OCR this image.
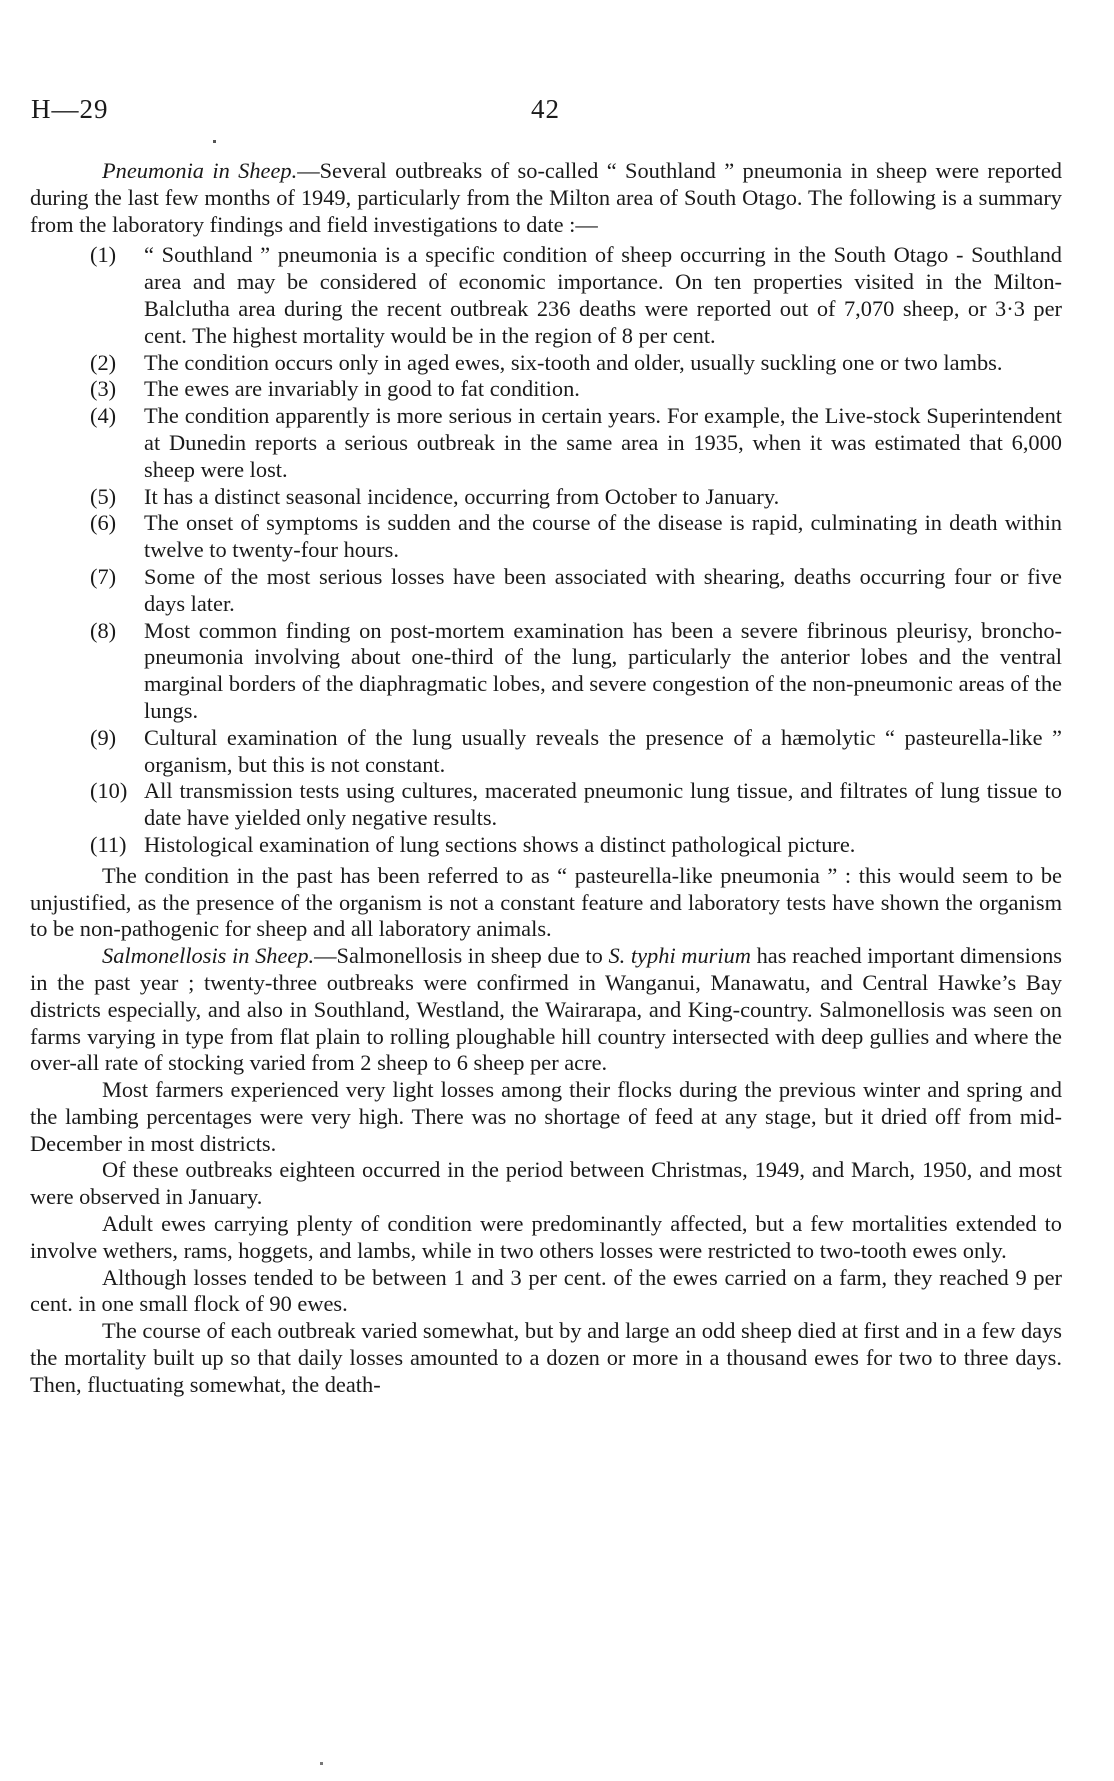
H—29	42

Pneumonia in Sheep.—Several outbreaks of so-called “ Southland ” pneumonia in sheep were reported during the last few months of 1949, particularly from the Milton area of South Otago. The following is a summary from the laboratory findings and field investigations to date :—

(1)	“ Southland ” pneumonia is a specific condition of sheep occurring in the South Otago - Southland area and may be considered of economic importance. On ten properties visited in the Milton-Balclutha area during the recent outbreak 236 deaths were reported out of 7,070 sheep, or 3·3 per cent. The highest mortality would be in the region of 8 per cent.
(2)	The condition occurs only in aged ewes, six-tooth and older, usually suckling one or two lambs.
(3)	The ewes are invariably in good to fat condition.
(4)	The condition apparently is more serious in certain years. For example, the Live-stock Superintendent at Dunedin reports a serious outbreak in the same area in 1935, when it was estimated that 6,000 sheep were lost.
(5)	It has a distinct seasonal incidence, occurring from October to January.
(6)	The onset of symptoms is sudden and the course of the disease is rapid, culminating in death within twelve to twenty-four hours.
(7)	Some of the most serious losses have been associated with shearing, deaths occurring four or five days later.
(8)	Most common finding on post-mortem examination has been a severe fibrinous pleurisy, broncho-pneumonia involving about one-third of the lung, particularly the anterior lobes and the ventral marginal borders of the diaphragmatic lobes, and severe congestion of the non-pneumonic areas of the lungs.
(9)	Cultural examination of the lung usually reveals the presence of a hæmolytic “ pasteurella-like ” organism, but this is not constant.
(10) All transmission tests using cultures, macerated pneumonic lung tissue, and filtrates of lung tissue to date have yielded only negative results.
(11) Histological examination of lung sections shows a distinct pathological picture.

The condition in the past has been referred to as “ pasteurella-like pneumonia ” : this would seem to be unjustified, as the presence of the organism is not a constant feature and laboratory tests have shown the organism to be non-pathogenic for sheep and all laboratory animals.

Salmonellosis in Sheep.—Salmonellosis in sheep due to S. typhi murium has reached important dimensions in the past year ; twenty-three outbreaks were confirmed in Wanganui, Manawatu, and Central Hawke’s Bay districts especially, and also in Southland, Westland, the Wairarapa, and King-country. Salmonellosis was seen on farms varying in type from flat plain to rolling ploughable hill country intersected with deep gullies and where the over-all rate of stocking varied from 2 sheep to 6 sheep per acre.

Most farmers experienced very light losses among their flocks during the previous winter and spring and the lambing percentages were very high. There was no shortage of feed at any stage, but it dried off from mid-December in most districts.

Of these outbreaks eighteen occurred in the period between Christmas, 1949, and March, 1950, and most were observed in January.

Adult ewes carrying plenty of condition were predominantly affected, but a few mortalities extended to involve wethers, rams, hoggets, and lambs, while in two others losses were restricted to two-tooth ewes only.

Although losses tended to be between 1 and 3 per cent. of the ewes carried on a farm, they reached 9 per cent. in one small flock of 90 ewes.

The course of each outbreak varied somewhat, but by and large an odd sheep died at first and in a few days the mortality built up so that daily losses amounted to a dozen or more in a thousand ewes for two to three days. Then, fluctuating somewhat, the death-
